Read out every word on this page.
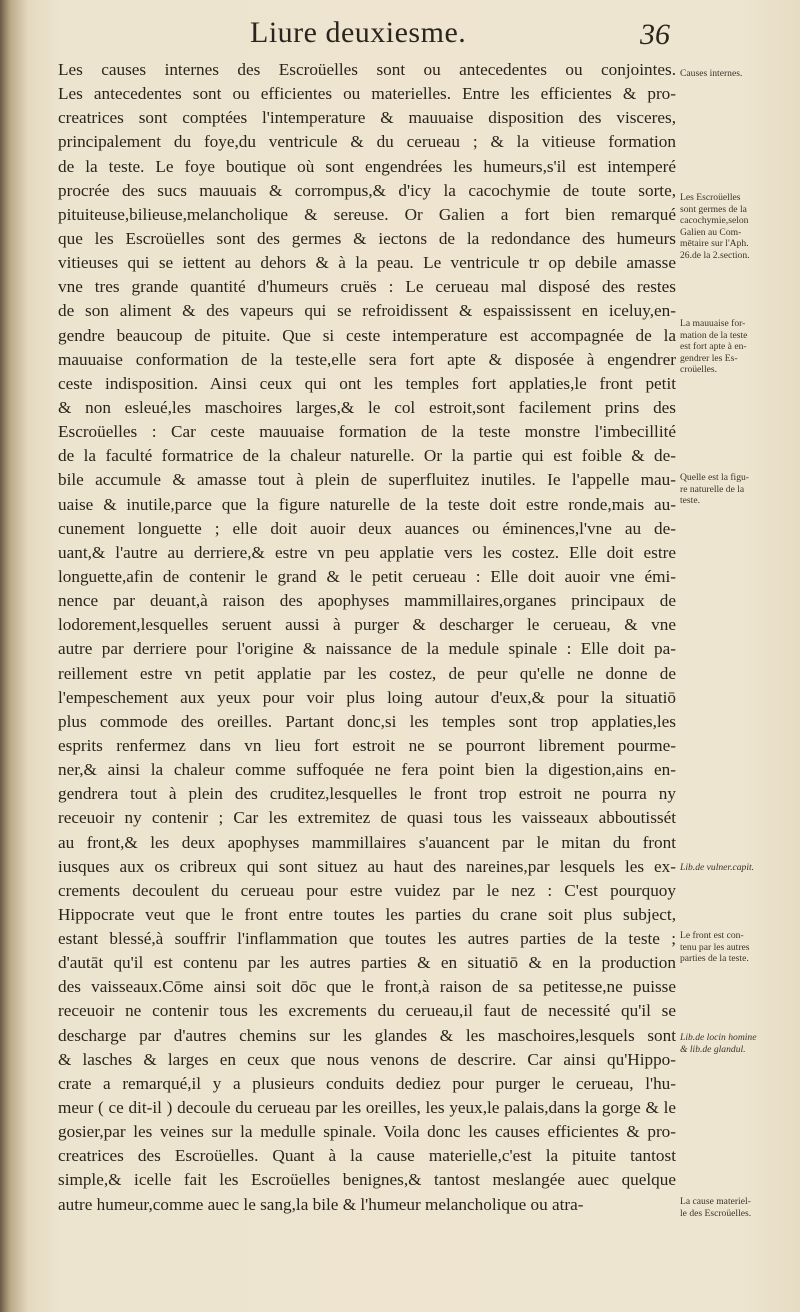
Liure deuxiesme.	36
Les causes internes des Escroüelles sont ou antecedentes ou conjointes.
Les antecedentes sont ou efficientes ou materielles. Entre les efficientes & pro-
creatrices sont comptées l'intemperature & mauuaise disposition des visceres,
principalement du foye,du ventricule & du cerueau ; & la vitieuse formation
de la teste. Le foye boutique où sont engendrées les humeurs,s'il est intemperé
procrée des sucs mauuais & corrompus,& d'icy la cacochymie de toute sorte,
pituiteuse,bilieuse,melancholique & sereuse. Or Galien a fort bien remarqué
que les Escroüelles sont des germes & iectons de la redondance des humeurs
vitieuses qui se iettent au dehors & à la peau. Le ventricule tr op debile amasse
vne tres grande quantité d'humeurs cruës : Le cerueau mal disposé des restes
de son aliment & des vapeurs qui se refroidissent & espaississent en iceluy,en-
gendre beaucoup de pituite. Que si ceste intemperature est accompagnée de la
mauuaise conformation de la teste,elle sera fort apte & disposée à engendrer
ceste indisposition. Ainsi ceux qui ont les temples fort applaties,le front petit
& non esleué,les maschoires larges,& le col estroit,sont facilement prins des
Escroüelles : Car ceste mauuaise formation de la teste monstre l'imbecillité
de la faculté formatrice de la chaleur naturelle. Or la partie qui est foible & de-
bile accumule & amasse tout à plein de superfluitez inutiles. Ie l'appelle mau-
uaise & inutile,parce que la figure naturelle de la teste doit estre ronde,mais au-
cunement longuette ; elle doit auoir deux auances ou éminences,l'vne au de-
uant,& l'autre au derriere,& estre vn peu applatie vers les costez. Elle doit estre
longuette,afin de contenir le grand & le petit cerueau : Elle doit auoir vne émi-
nence par deuant,à raison des apophyses mammillaires,organes principaux de
lodorement,lesquelles seruent aussi à purger & descharger le cerueau, & vne
autre par derriere pour l'origine & naissance de la medule spinale : Elle doit pa-
reillement estre vn petit applatie par les costez, de peur qu'elle ne donne de
l'empeschement aux yeux pour voir plus loing autour d'eux,& pour la situatiō
plus commode des oreilles. Partant donc,si les temples sont trop applaties,les
esprits renfermez dans vn lieu fort estroit ne se pourront librement pourme-
ner,& ainsi la chaleur comme suffoquée ne fera point bien la digestion,ains en-
gendrera tout à plein des cruditez,lesquelles le front trop estroit ne pourra ny
receuoir ny contenir ; Car les extremitez de quasi tous les vaisseaux abboutissét
au front,& les deux apophyses mammillaires s'auancent par le mitan du front
iusques aux os cribreux qui sont situez au haut des nareines,par lesquels les ex-
crements decoulent du cerueau pour estre vuidez par le nez : C'est pourquoy
Hippocrate veut que le front entre toutes les parties du crane soit plus subject,
estant blessé,à souffrir l'inflammation que toutes les autres parties de la teste ;
d'autāt qu'il est contenu par les autres parties & en situatiō & en la production
des vaisseaux.Cōme ainsi soit dōc que le front,à raison de sa petitesse,ne puisse
receuoir ne contenir tous les excrements du cerueau,il faut de necessité qu'il se
descharge par d'autres chemins sur les glandes & les maschoires,lesquels sont
& lasches & larges en ceux que nous venons de descrire. Car ainsi qu'Hippo-
crate a remarqué,il y a plusieurs conduits dediez pour purger le cerueau, l'hu-
meur ( ce dit-il ) decoule du cerueau par les oreilles, les yeux,le palais,dans la gorge & le
gosier,par les veines sur la medulle spinale. Voila donc les causes efficientes & pro-
creatrices des Escroüelles. Quant à la cause materielle,c'est la pituite tantost
simple,& icelle fait les Escroüelles benignes,& tantost meslangée auec quelque
autre humeur,comme auec le sang,la bile & l'humeur melancholique ou atra-
Causes internes.
Les Escroüelles
sont germes de la
cacochymie,selon
Galien au Com-
mētaire sur l'Aph.
26.de la 2.section.
La mauuaise for-
mation de la teste
est fort apte à en-
gendrer les Es-
croüelles.
Quelle est la figu-
re naturelle de la
teste.
Lib.de vulner.capit.
Le front est con-
tenu par les autres
parties de la teste.
Lib.de locin homine
& lib.de glandul.
La cause materiel-
le des Escroüelles.
